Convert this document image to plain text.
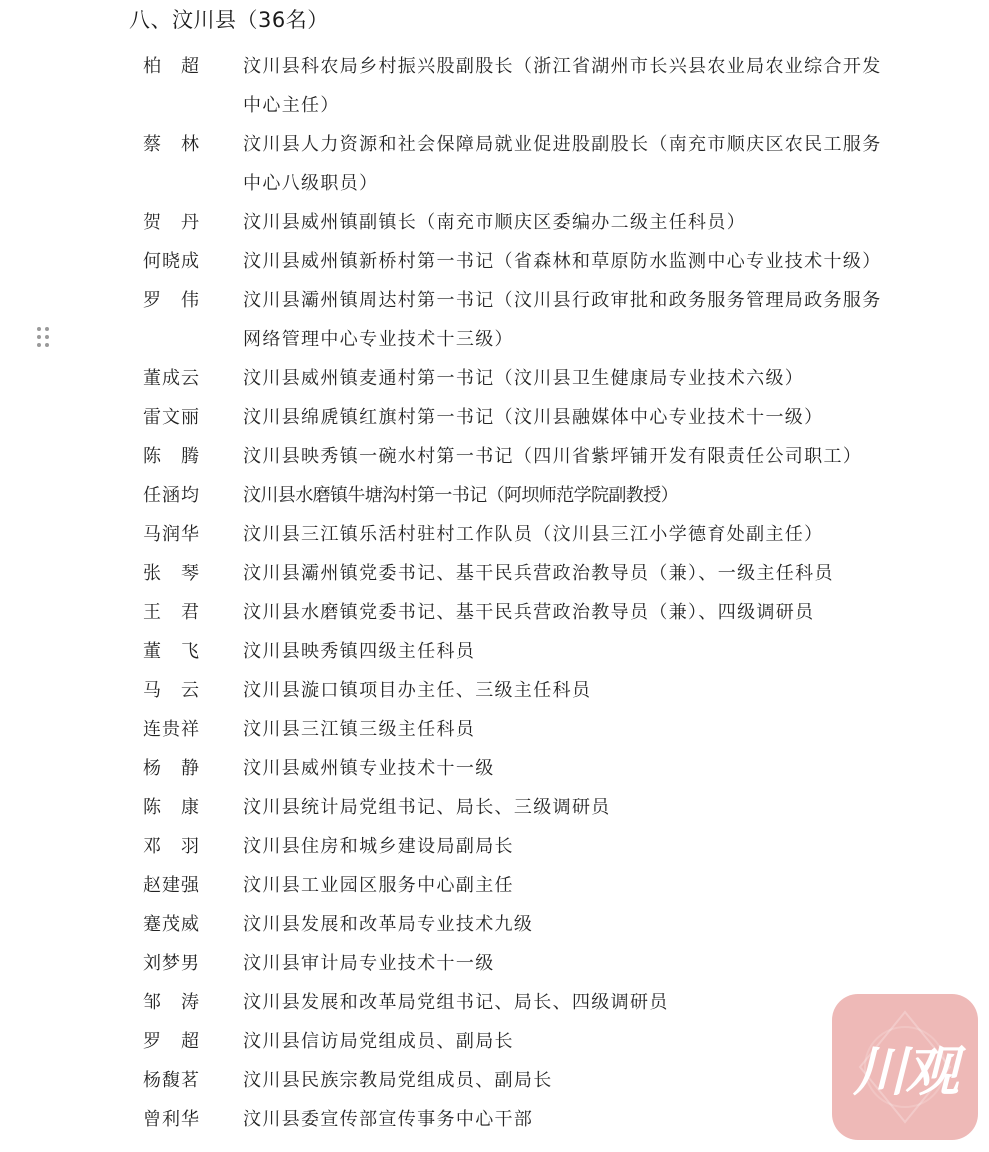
八、汶川县（36名）
柏　超 汶川县科农局乡村振兴股副股长（浙江省湖州市长兴县农业局农业综合开发
中心主任）
蔡　林 汶川县人力资源和社会保障局就业促进股副股长（南充市顺庆区农民工服务
中心八级职员）
贺　丹 汶川县威州镇副镇长（南充市顺庆区委编办二级主任科员）
何晓成 汶川县威州镇新桥村第一书记（省森林和草原防水监测中心专业技术十级）
罗　伟 汶川县灞州镇周达村第一书记（汶川县行政审批和政务服务管理局政务服务
网络管理中心专业技术十三级）
董成云 汶川县威州镇麦通村第一书记（汶川县卫生健康局专业技术六级）
雷文丽 汶川县绵虒镇红旗村第一书记（汶川县融媒体中心专业技术十一级）
陈　腾 汶川县映秀镇一碗水村第一书记（四川省紫坪铺开发有限责任公司职工）
任涵均 汶川县水磨镇牛塘沟村第一书记（阿坝师范学院副教授）
马润华 汶川县三江镇乐活村驻村工作队员（汶川县三江小学德育处副主任）
张　琴 汶川县灞州镇党委书记、基干民兵营政治教导员（兼）、一级主任科员
王　君 汶川县水磨镇党委书记、基干民兵营政治教导员（兼）、四级调研员
董　飞 汶川县映秀镇四级主任科员
马　云 汶川县漩口镇项目办主任、三级主任科员
连贵祥 汶川县三江镇三级主任科员
杨　静 汶川县威州镇专业技术十一级
陈　康 汶川县统计局党组书记、局长、三级调研员
邓　羽 汶川县住房和城乡建设局副局长
赵建强 汶川县工业园区服务中心副主任
蹇茂威 汶川县发展和改革局专业技术九级
刘梦男 汶川县审计局专业技术十一级
邹　涛 汶川县发展和改革局党组书记、局长、四级调研员
罗　超 汶川县信访局党组成员、副局长
杨馥茗 汶川县民族宗教局党组成员、副局长
曾利华 汶川县委宣传部宣传事务中心干部
川观
